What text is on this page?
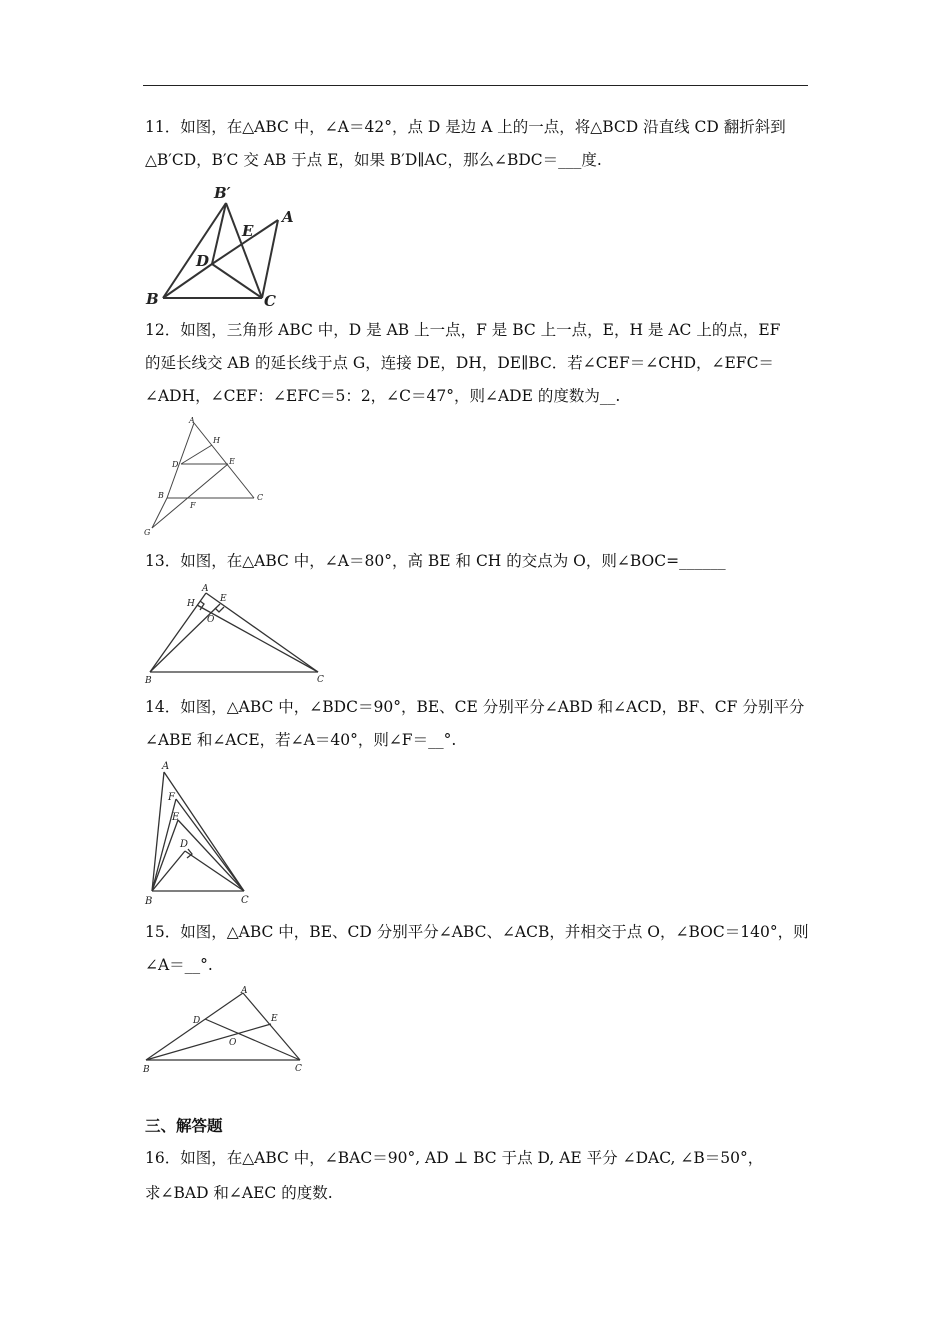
11．如图，在△ABC 中，∠A＝42°，点 D 是边 A 上的一点，将△BCD 沿直线 CD 翻折斜到
△B′CD，B′C 交 AB 于点 E，如果 B′D∥AC，那么∠BDC＝___度.
B′
E
A
D
B	C
12．如图，三角形 ABC 中，D 是 AB 上一点，F 是 BC 上一点，E，H 是 AC 上的点，EF
的延长线交 AB 的延长线于点 G，连接 DE，DH，DE∥BC．若∠CEF＝∠CHD，∠EFC＝
∠ADH，∠CEF：∠EFC＝5：2，∠C＝47°，则∠ADE 的度数为__.
A
H
D	E
B	C
F
G
13．如图，在△ABC 中，∠A＝80°，高 BE 和 CH 的交点为 O，则∠BOC=______
A
H	E
O
B	C
14．如图，△ABC 中，∠BDC＝90°，BE、CE 分别平分∠ABD 和∠ACD，BF、CF 分别平分
∠ABE 和∠ACE，若∠A＝40°，则∠F＝__°.
A
F
E
D
B	C
15．如图，△ABC 中，BE、CD 分别平分∠ABC、∠ACB，并相交于点 O，∠BOC＝140°，则
∠A＝__°.
A
D	E
O
B	C
三、解答题
16．如图，在△ABC 中，∠BAC＝90°, AD ⊥ BC 于点 D, AE 平分 ∠DAC, ∠B＝50°，
求∠BAD 和∠AEC 的度数.
